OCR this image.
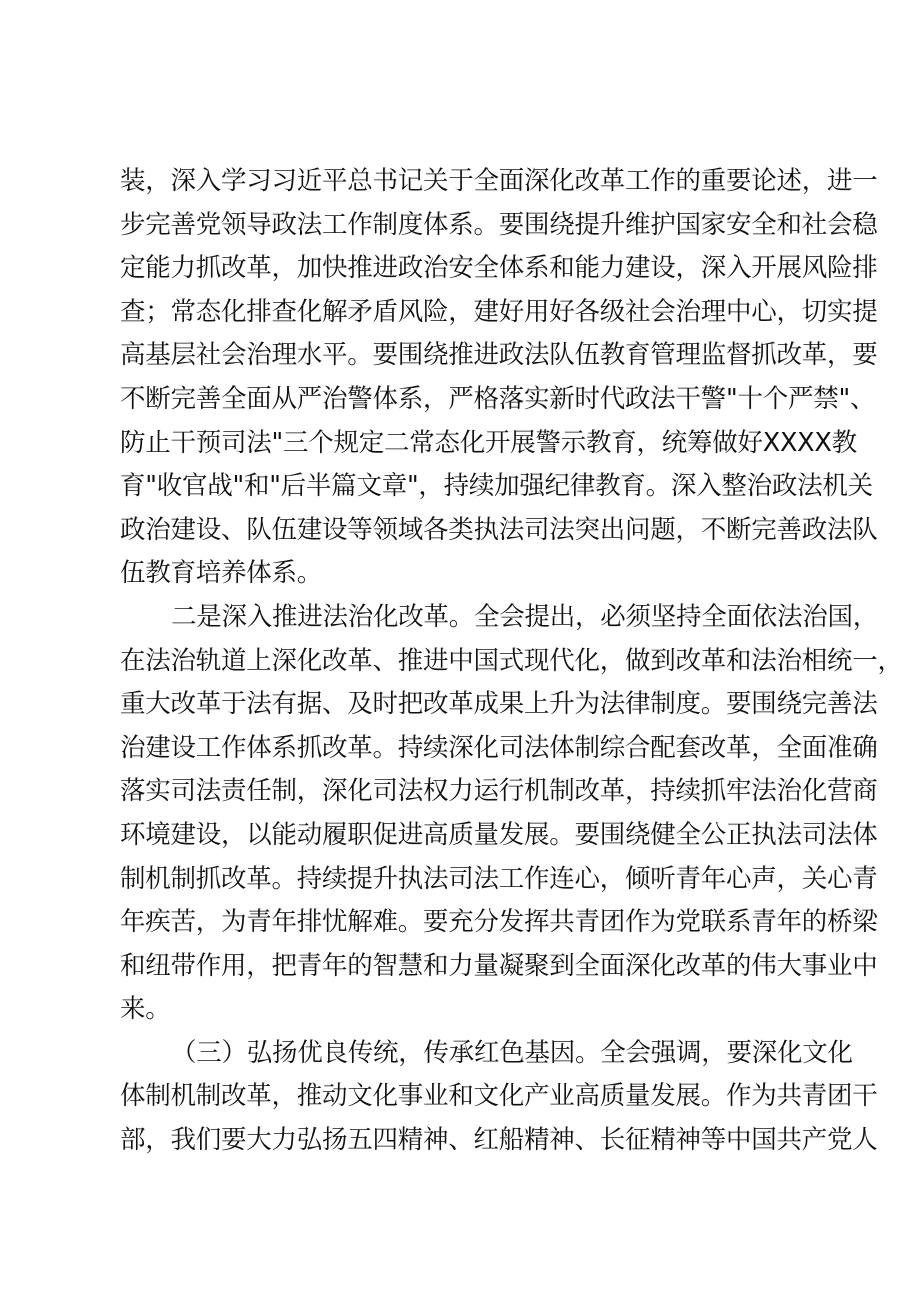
装，深入学习习近平总书记关于全面深化改革工作的重要论述，进一
步完善党领导政法工作制度体系。要围绕提升维护国家安全和社会稳
定能力抓改革，加快推进政治安全体系和能力建设，深入开展风险排
查；常态化排查化解矛盾风险，建好用好各级社会治理中心，切实提
高基层社会治理水平。要围绕推进政法队伍教育管理监督抓改革，要
不断完善全面从严治警体系，严格落实新时代政法干警"十个严禁"、
防止干预司法"三个规定二常态化开展警示教育，统筹做好XXXX教
育"收官战"和"后半篇文章"，持续加强纪律教育。深入整治政法机关
政治建设、队伍建设等领域各类执法司法突出问题，不断完善政法队
伍教育培养体系。
二是深入推进法治化改革。全会提出，必须坚持全面依法治国，
在法治轨道上深化改革、推进中国式现代化，做到改革和法治相统一，
重大改革于法有据、及时把改革成果上升为法律制度。要围绕完善法
治建设工作体系抓改革。持续深化司法体制综合配套改革，全面准确
落实司法责任制，深化司法权力运行机制改革，持续抓牢法治化营商
环境建设，以能动履职促进高质量发展。要围绕健全公正执法司法体
制机制抓改革。持续提升执法司法工作连心，倾听青年心声，关心青
年疾苦，为青年排忧解难。要充分发挥共青团作为党联系青年的桥梁
和纽带作用，把青年的智慧和力量凝聚到全面深化改革的伟大事业中
来。
（三）弘扬优良传统，传承红色基因。全会强调，要深化文化
体制机制改革，推动文化事业和文化产业高质量发展。作为共青团干
部，我们要大力弘扬五四精神、红船精神、长征精神等中国共产党人
